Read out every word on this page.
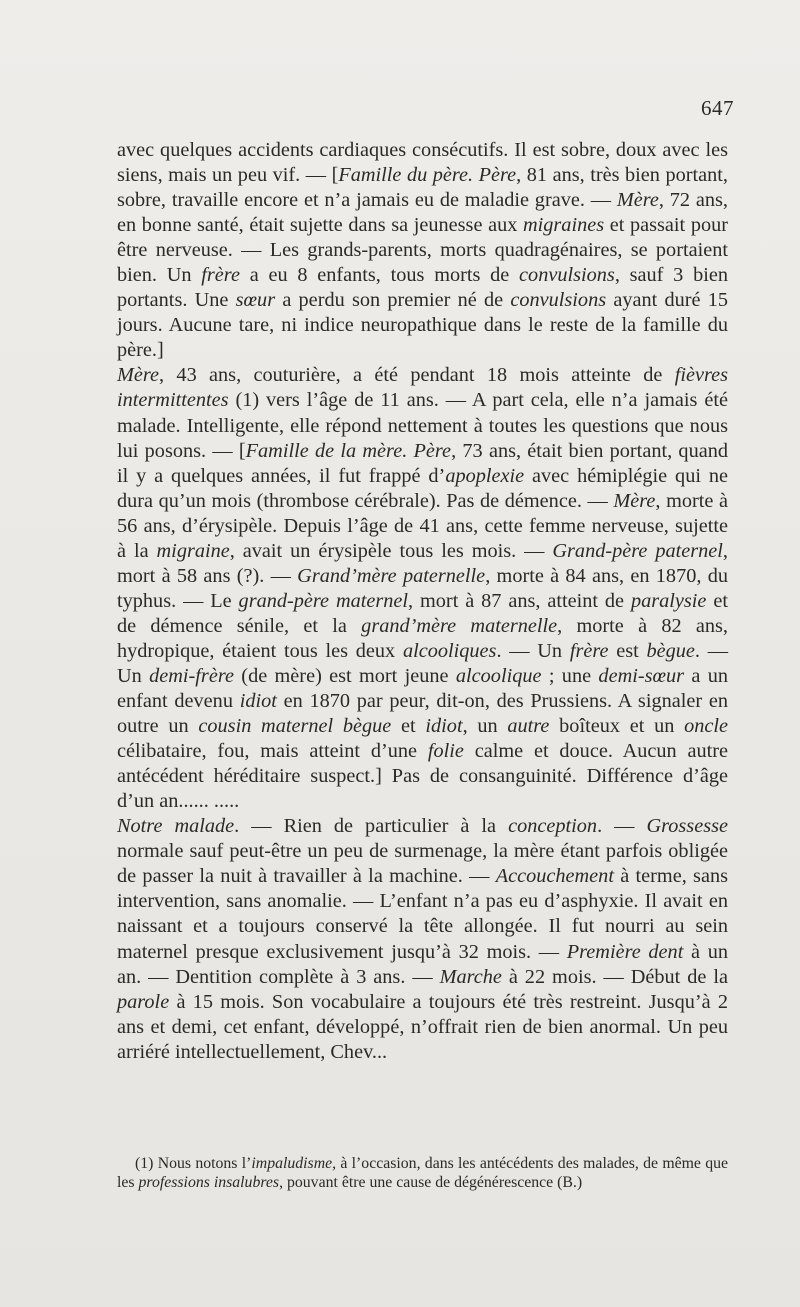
647

avec quelques accidents cardiaques consécutifs. Il est sobre, doux avec les siens, mais un peu vif. — [Famille du père. Père, 81 ans, très bien portant, sobre, travaille encore et n’a jamais eu de maladie grave. — Mère, 72 ans, en bonne santé, était sujette dans sa jeunesse aux migraines et passait pour être nerveuse. — Les grands-parents, morts quadragénaires, se portaient bien. Un frère a eu 8 enfants, tous morts de convulsions, sauf 3 bien portants. Une sœur a perdu son premier né de convulsions ayant duré 15 jours. Aucune tare, ni indice neuropathique dans le reste de la famille du père.]

Mère, 43 ans, couturière, a été pendant 18 mois atteinte de fièvres intermittentes (1) vers l’âge de 11 ans. — A part cela, elle n’a jamais été malade. Intelligente, elle répond nettement à toutes les questions que nous lui posons. — [Famille de la mère. Père, 73 ans, était bien portant, quand il y a quelques années, il fut frappé d’apoplexie avec hémiplégie qui ne dura qu’un mois (thrombose cérébrale). Pas de démence. — Mère, morte à 56 ans, d’érysipèle. Depuis l’âge de 41 ans, cette femme nerveuse, sujette à la migraine, avait un érysipèle tous les mois. — Grand-père paternel, mort à 58 ans (?). — Grand’mère paternelle, morte à 84 ans, en 1870, du typhus. — Le grand-père maternel, mort à 87 ans, atteint de paralysie et de démence sénile, et la grand’mère maternelle, morte à 82 ans, hydropique, étaient tous les deux alcooliques. — Un frère est bègue. — Un demi-frère (de mère) est mort jeune alcoolique ; une demi-sœur a un enfant devenu idiot en 1870 par peur, dit-on, des Prussiens. A signaler en outre un cousin maternel bègue et idiot, un autre boîteux et un oncle célibataire, fou, mais atteint d’une folie calme et douce. Aucun autre antécédent héréditaire suspect.] Pas de consanguinité. Différence d’âge d’un an...... .....

Notre malade. — Rien de particulier à la conception. — Grossesse normale sauf peut-être un peu de surmenage, la mère étant parfois obligée de passer la nuit à travailler à la machine. — Accouchement à terme, sans intervention, sans anomalie. — L’enfant n’a pas eu d’asphyxie. Il avait en naissant et a toujours conservé la tête allongée. Il fut nourri au sein maternel presque exclusivement jusqu’à 32 mois. — Première dent à un an. — Dentition complète à 3 ans. — Marche à 22 mois. — Début de la parole à 15 mois. Son vocabulaire a toujours été très restreint. Jusqu’à 2 ans et demi, cet enfant, développé, n’offrait rien de bien anormal. Un peu arriéré intellectuellement, Chev...

(1) Nous notons l’impaludisme, à l’occasion, dans les antécédents des malades, de même que les professions insalubres, pouvant être une cause de dégénérescence (B.)
